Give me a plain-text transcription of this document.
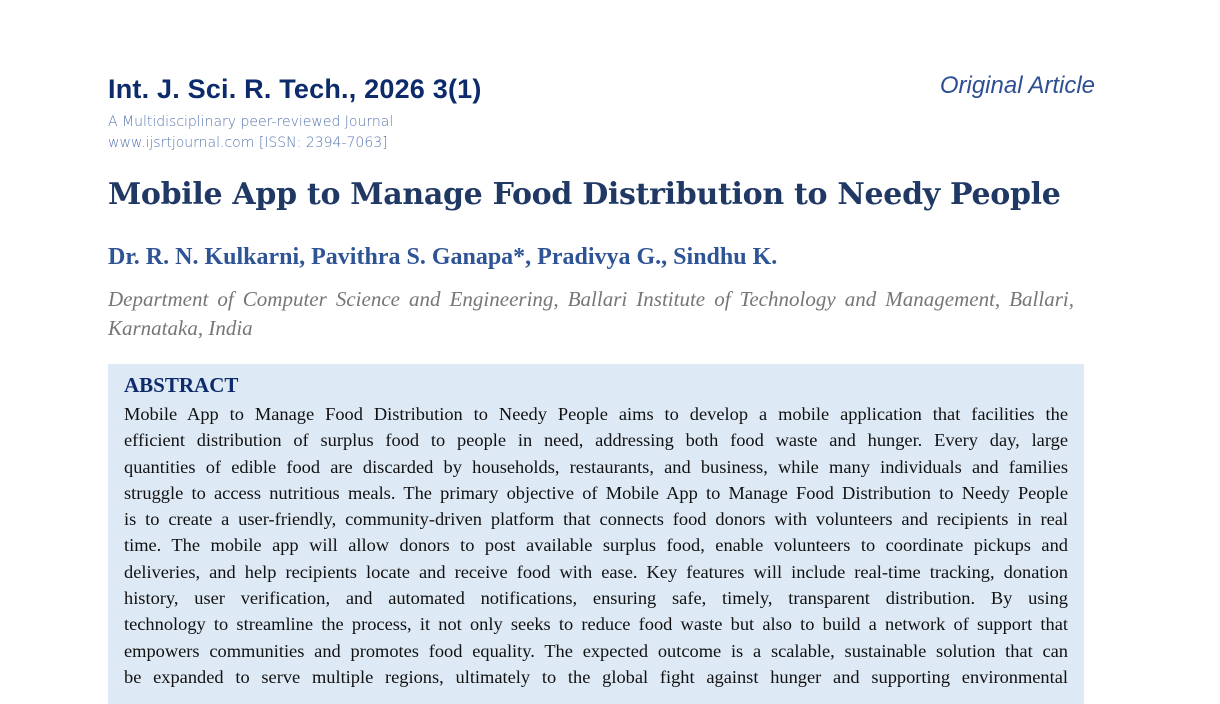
Int. J. Sci. R. Tech., 2026 3(1)
A Multidisciplinary peer-reviewed Journal
www.ijsrtjournal.com [ISSN: 2394-7063]
Original Article
Mobile App to Manage Food Distribution to Needy People
Dr. R. N. Kulkarni, Pavithra S. Ganapa*, Pradivya G., Sindhu K.
Department of Computer Science and Engineering, Ballari Institute of Technology and Management, Ballari,
Karnataka, India
ABSTRACT
Mobile App to Manage Food Distribution to Needy People aims to develop a mobile application that facilities the
efficient distribution of surplus food to people in need, addressing both food waste and hunger. Every day, large
quantities of edible food are discarded by households, restaurants, and business, while many individuals and families
struggle to access nutritious meals. The primary objective of Mobile App to Manage Food Distribution to Needy People
is to create a user-friendly, community-driven platform that connects food donors with volunteers and recipients in real
time. The mobile app will allow donors to post available surplus food, enable volunteers to coordinate pickups and
deliveries, and help recipients locate and receive food with ease. Key features will include real-time tracking, donation
history, user verification, and automated notifications, ensuring safe, timely, transparent distribution. By using
technology to streamline the process, it not only seeks to reduce food waste but also to build a network of support that
empowers communities and promotes food equality. The expected outcome is a scalable, sustainable solution that can
be expanded to serve multiple regions, ultimately to the global fight against hunger and supporting environmental
